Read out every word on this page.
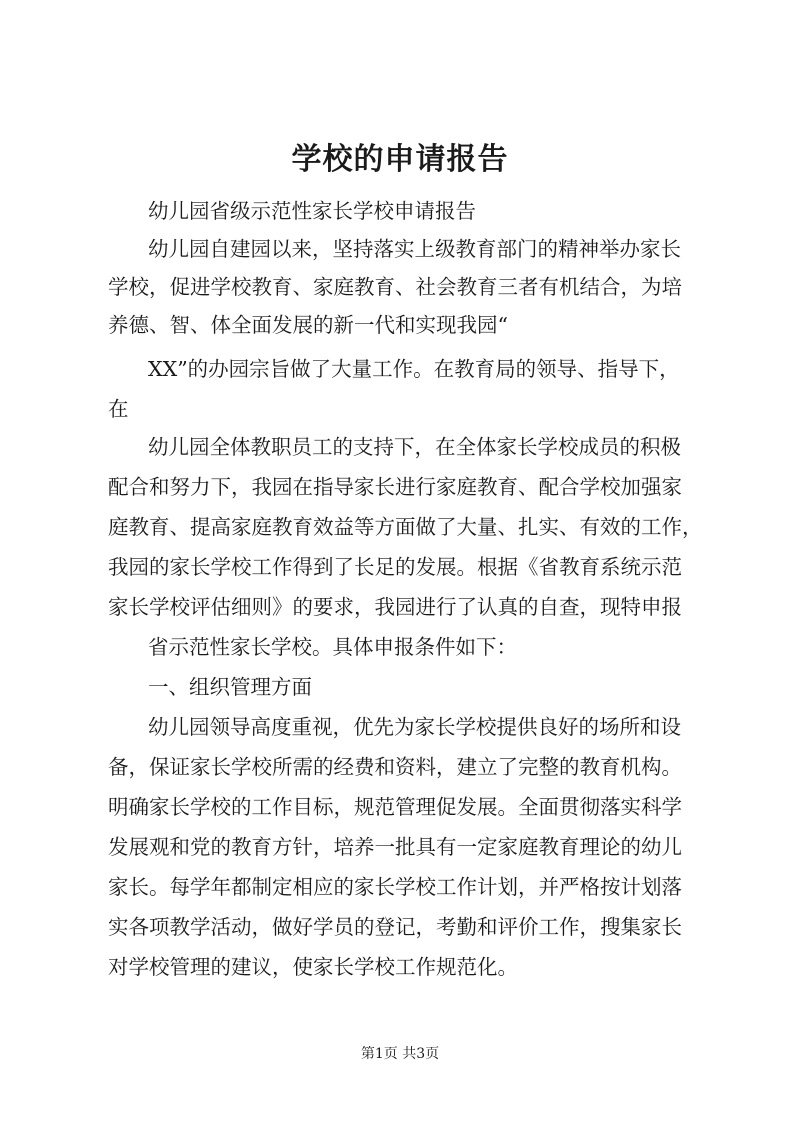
学校的申请报告
幼儿园省级示范性家长学校申请报告
幼儿园自建园以来，坚持落实上级教育部门的精神举办家长
学校，促进学校教育、家庭教育、社会教育三者有机结合，为培
养德、智、体全面发展的新一代和实现我园“
XX”的办园宗旨做了大量工作。在教育局的领导、指导下，
在
幼儿园全体教职员工的支持下，在全体家长学校成员的积极
配合和努力下，我园在指导家长进行家庭教育、配合学校加强家
庭教育、提高家庭教育效益等方面做了大量、扎实、有效的工作，
我园的家长学校工作得到了长足的发展。根据《省教育系统示范
家长学校评估细则》的要求，我园进行了认真的自查，现特申报
省示范性家长学校。具体申报条件如下：
一、组织管理方面
幼儿园领导高度重视，优先为家长学校提供良好的场所和设
备，保证家长学校所需的经费和资料，建立了完整的教育机构。
明确家长学校的工作目标，规范管理促发展。全面贯彻落实科学
发展观和党的教育方针，培养一批具有一定家庭教育理论的幼儿
家长。每学年都制定相应的家长学校工作计划，并严格按计划落
实各项教学活动，做好学员的登记，考勤和评价工作，搜集家长
对学校管理的建议，使家长学校工作规范化。
第1页 共3页
